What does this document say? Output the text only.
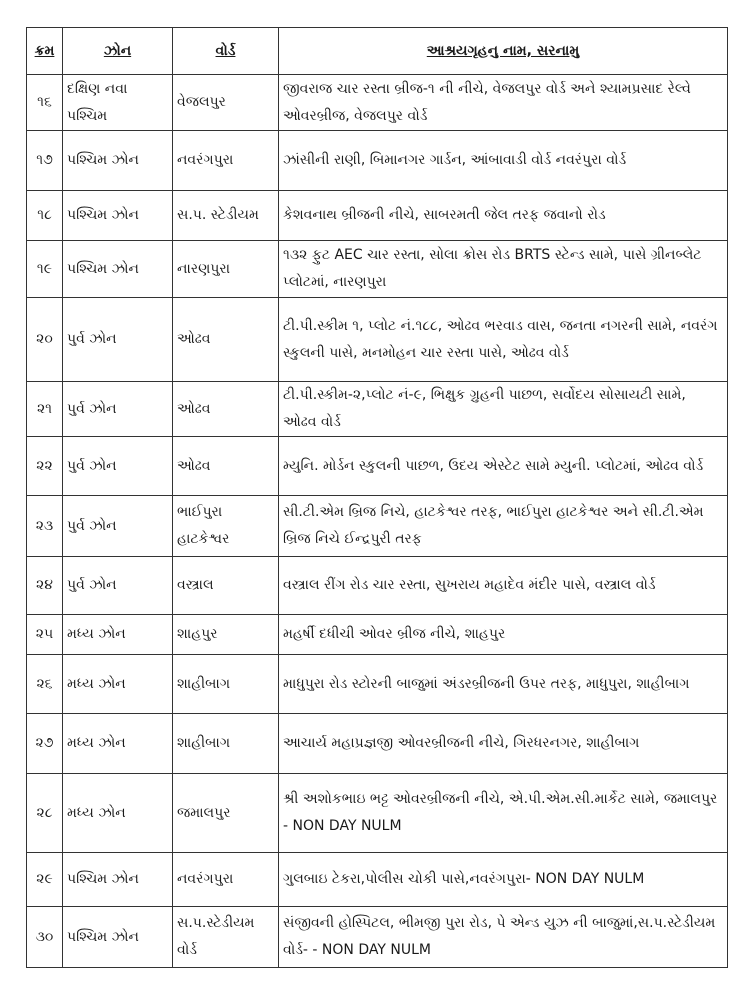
ક્રમ	ઝોન	વોર્ડ	આશ્રયગૃહનુ નામ, સરનામુ
૧૬	દક્ષિણ નવા પશ્ચિમ	વેજલપુર	જીવરાજ ચાર રસ્તા બ્રીજ-૧ ની નીચે, વેજલપુર વોર્ડ અને શ્યામપ્રસાદ રેલ્વે ઓવરબ્રીજ, વેજલપુર વોર્ડ
૧૭	પશ્ચિમ ઝોન	નવરંગપુરા	ઝાંસીની રાણી, બિમાનગર ગાર્ડન, આંબાવાડી વોર્ડ નવરંપુરા વોર્ડ
૧૮	પશ્ચિમ ઝોન	સ.પ. સ્ટેડીયમ	કેશવનાથ બ્રીજની નીચે, સાબરમતી જેલ તરફ જવાનો રોડ
૧૯	પશ્ચિમ ઝોન	નારણપુરા	૧૩૨ ફુટ AEC ચાર રસ્તા, સોલા ક્રોસ રોડ BRTS સ્ટેન્ડ સામે, પાસે ગ્રીનબ્લેટ પ્લોટમાં, નારણપુરા
૨૦	પુર્વ ઝોન	ઓઢવ	ટી.પી.સ્કીમ ૧, પ્લોટ નં.૧૮૮, ઓઢવ ભરવાડ વાસ, જનતા નગરની સામે, નવરંગ સ્કુલની પાસે, મનમોહન ચાર રસ્તા પાસે, ઓઢવ વોર્ડ
૨૧	પુર્વ ઝોન	ઓઢવ	ટી.પી.સ્કીમ-૨,પ્લોટ નં-૯, ભિક્ષુક ગ્રુહની પાછળ, સર્વોદય સોસાયટી સામે, ઓઢવ વોર્ડ
૨૨	પુર્વ ઝોન	ઓઢવ	મ્યુનિ. મોર્ડન સ્કુલની પાછળ, ઉદય એસ્ટેટ સામે મ્યુની. પ્લોટમાં, ઓઢવ વોર્ડ
૨૩	પુર્વ ઝોન	ભાઈપુરા હાટકેશ્વર	સી.ટી.એમ બ્રિજ નિચે, હાટકેશ્વર તરફ, ભાઈપુરા હાટકેશ્વર અને સી.ટી.એમ બ્રિજ નિચે ઈન્દ્રપુરી તરફ
૨૪	પુર્વ ઝોન	વસ્ત્રાલ	વસ્ત્રાલ રીંગ રોડ ચાર રસ્તા, સુખરાય મહાદેવ મંદીર પાસે, વસ્ત્રાલ વોર્ડ
૨૫	મધ્ય ઝોન	શાહપુર	મહર્ષી દધીચી ઓવર બ્રીજ નીચે, શાહપુર
૨૬	મધ્ય ઝોન	શાહીબાગ	માધુપુરા રોડ સ્ટોરની બાજુમાં અંડરબ્રીજની ઉપર તરફ, માધુપુરા, શાહીબાગ
૨૭	મધ્ય ઝોન	શાહીબાગ	આચાર્ય મહાપ્રજ્ઞજી ઓવરબ્રીજની નીચે, ગિરધરનગર, શાહીબાગ
૨૮	મધ્ય ઝોન	જમાલપુર	શ્રી અશોકભાઇ ભટ્ટ ઓવરબ્રીજની નીચે, એ.પી.એમ.સી.માર્કેટ સામે, જમાલપુર - NON DAY NULM
૨૯	પશ્ચિમ ઝોન	નવરંગપુરા	ગુલબાઇ ટેકરા,પોલીસ ચોકી પાસે,નવરંગપુરા- NON DAY NULM
૩૦	પશ્ચિમ ઝોન	સ.પ.સ્ટેડીયમ વોર્ડ	સંજીવની હોસ્પિટલ, ભીમજી પુરા રોડ, પે એન્ડ યુઝ ની બાજુમાં,સ.પ.સ્ટેડીયમ વોર્ડ- - NON DAY NULM
